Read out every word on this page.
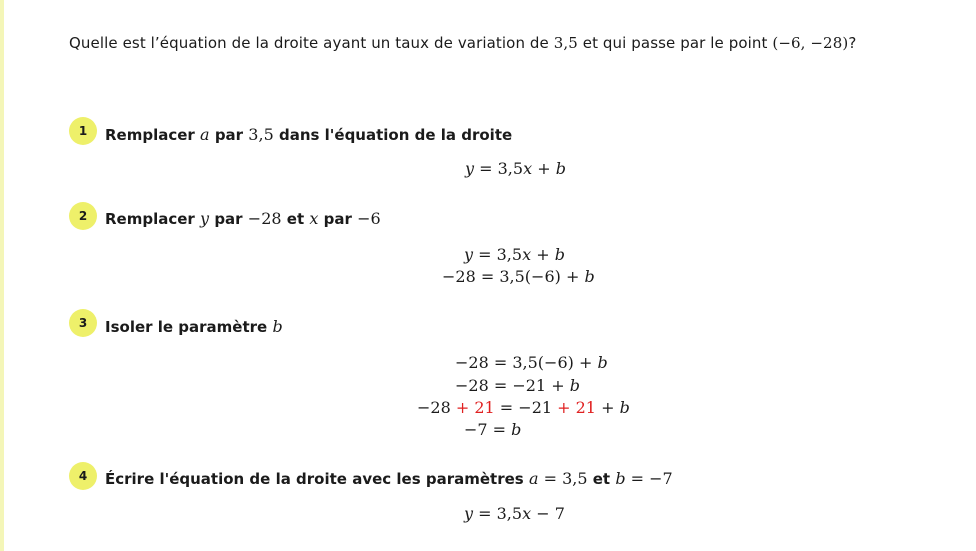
Quelle est l’équation de la droite ayant un taux de variation de 3,5 et qui passe par le point (−6, −28)?
1	Remplacer a par 3,5 dans l'équation de la droite
y = 3,5x + b
2	Remplacer y par −28 et x par −6
y = 3,5x + b
−28 = 3,5(−6) + b
3	Isoler le paramètre b
−28 = 3,5(−6) + b
−28 = −21 + b
−28 + 21 = −21 + 21 + b
−7 = b
4	Écrire l'équation de la droite avec les paramètres a = 3,5 et b = −7
y = 3,5x − 7
